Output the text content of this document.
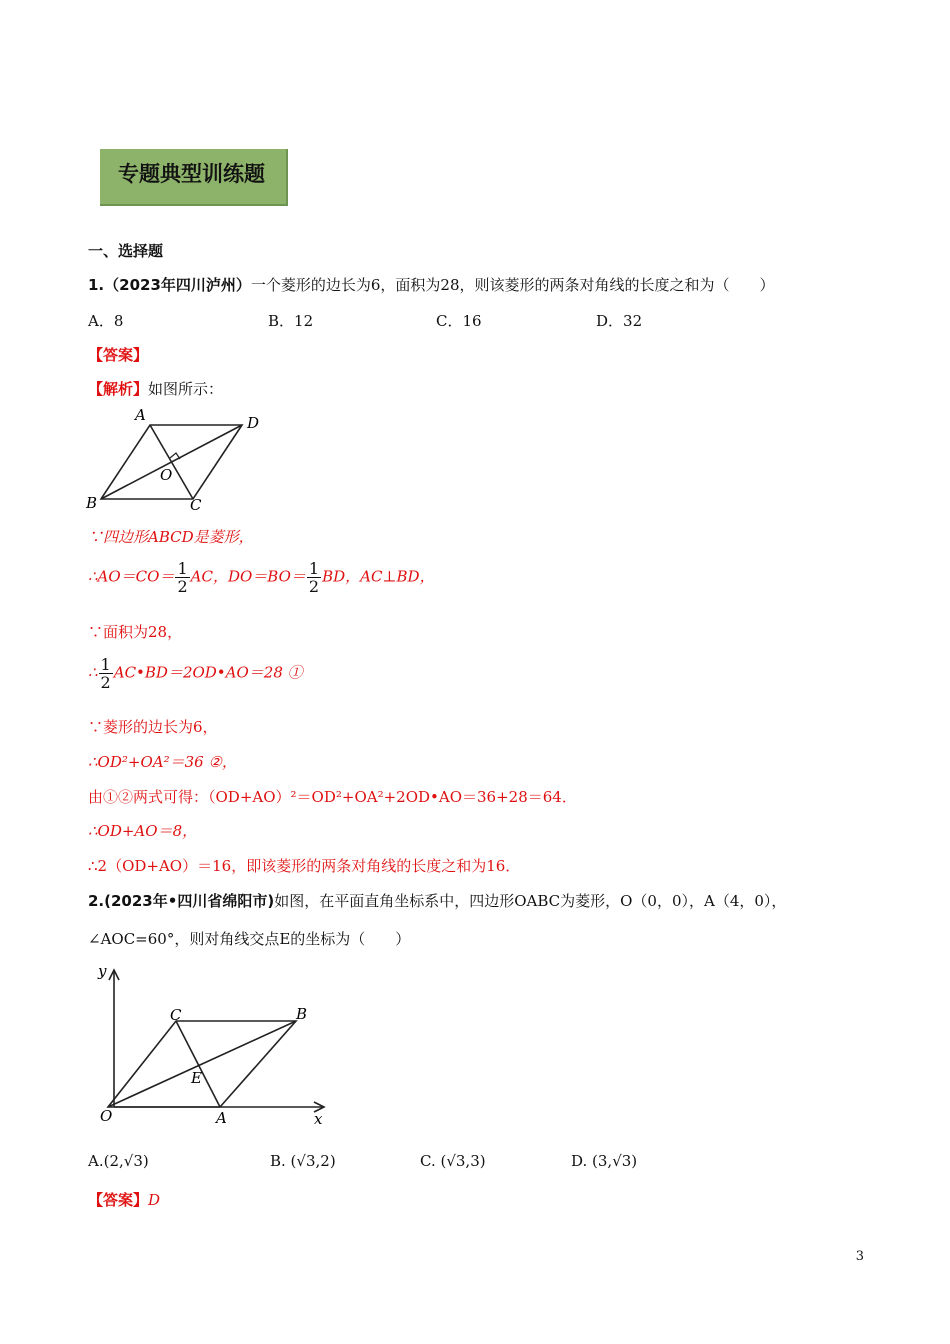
专题典型训练题
一、选择题
1.（2023年四川泸州）一个菱形的边长为6，面积为28，则该菱形的两条对角线的长度之和为（　　）
A．8	B．12	C．16	D．32
【答案】
【解析】如图所示：
A
B	C
D
O
∵四边形ABCD是菱形，
∴AO＝CO＝ $\frac{1}{2}$ AC，$DO=BO= \frac{1}{2}$ BD，AC⊥BD，
∵面积为28，
∴ $\frac{1}{2}$ AC•BD＝2OD•AO＝28 ①
∵菱形的边长为6，
∴OD²+OA²＝36 ②，
由①②两式可得：（OD+AO）²＝OD²+OA²+2OD•AO＝36+28＝64．
∴OD+AO＝8，
∴2（OD+AO）＝16，即该菱形的两条对角线的长度之和为16．
2.(2023年•四川省绵阳市)如图，在平面直角坐标系中，四边形OABC为菱形，O（0，0），A（4，0），
∠AOC=60°，则对角线交点E的坐标为（　　）
y
x
O	A
B
C
E
A.(2,√3)	B. (√3,2)	C. (√3,3)	D. (3,√3)
【答案】D
3
